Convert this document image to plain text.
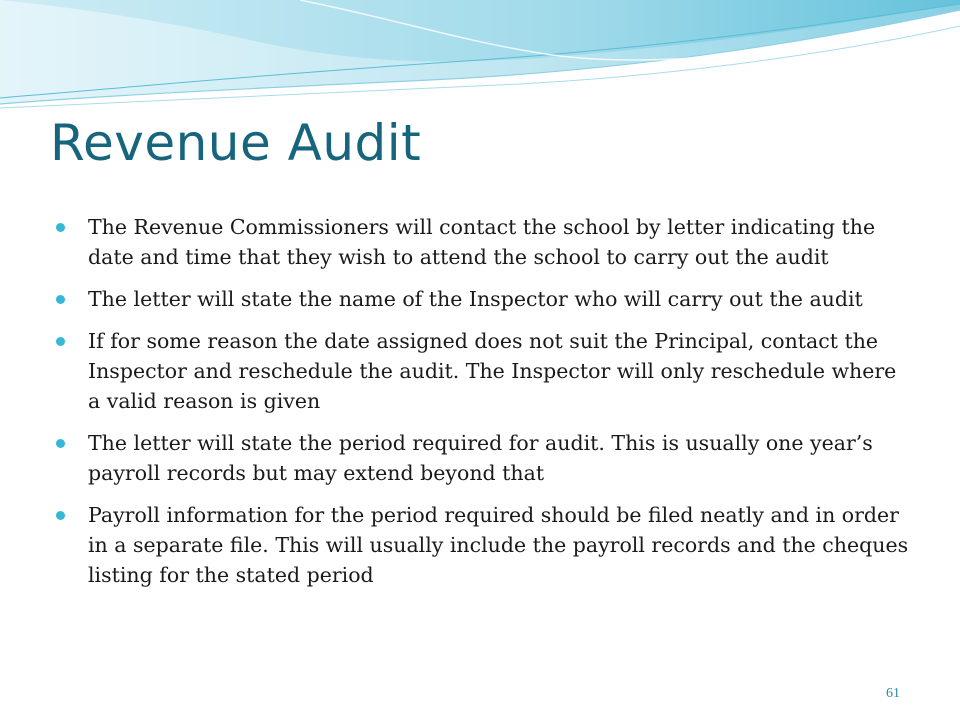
Revenue Audit
The Revenue Commissioners will contact the school by letter indicating the date and time that they wish to attend the school to carry out the audit
The letter will state the name of the Inspector who will carry out the audit
If for some reason the date assigned does not suit the Principal, contact the Inspector and reschedule the audit. The Inspector will only reschedule where a valid reason is given
The letter will state the period required for audit. This is usually one year’s payroll records but may extend beyond that
Payroll information for the period required should be filed neatly and in order in a separate file. This will usually include the payroll records and the cheques listing for the stated period
61
